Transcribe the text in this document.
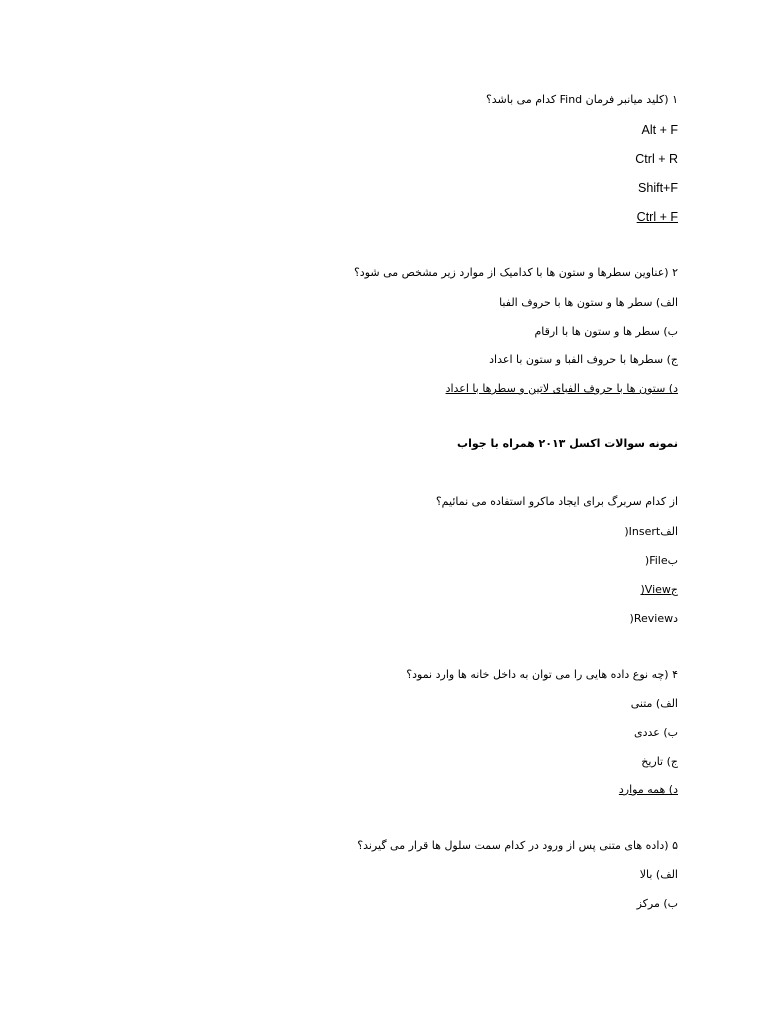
۱ (کلید میانبر فرمان Find کدام می باشد؟
Alt + F
Ctrl + R
Shift+F
Ctrl + F
۲ (عناوین سطرها و ستون ها با کدامیک از موارد زیر مشخص می شود؟
الف) سطر ها و ستون ها با حروف الفبا
ب) سطر ها و ستون ها با ارقام
ج) سطرها با حروف الفبا و ستون با اعداد
د) ستون ها با حروف الفبای لاتین و سطرها با اعداد
نمونه سوالات اکسل ۲۰۱۳ همراه با جواب
از کدام سربرگ برای ایجاد ماکرو استفاده می نمائیم؟
الفInsert(
بFile(
جView(
دReview(
۴ (چه نوع داده هایی را می توان به داخل خانه ها وارد نمود؟
الف) متنی
ب) عددی
ج) تاریخ
د) همه موارد
۵ (داده های متنی پس از ورود در کدام سمت سلول ها قرار می گیرند؟
الف) بالا
ب) مرکز
